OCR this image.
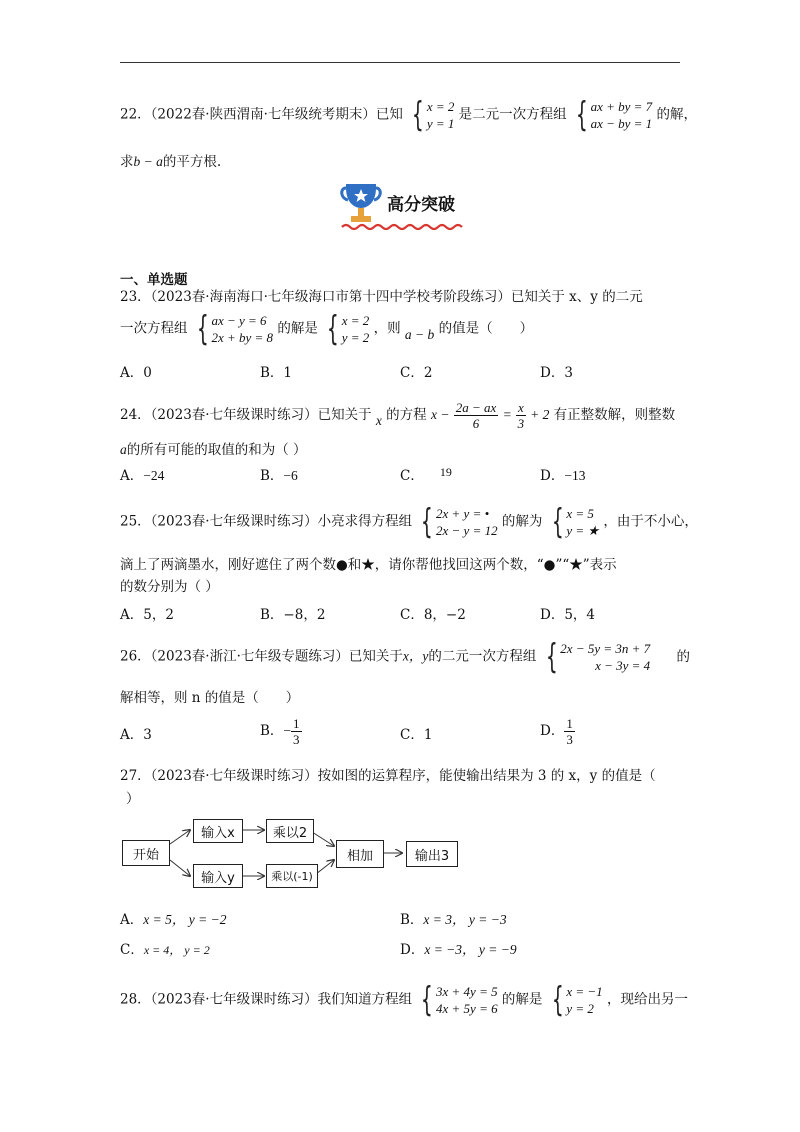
22．（2022春·陕西渭南·七年级统考期末）已知 { x = 2
y = 1
是二元一次方程组 { ax + by = 7
ax − by = 1
的解，
求b − a的平方根.
高分突破
一、单选题
23．（2023春·海南海口·七年级海口市第十四中学校考阶段练习）已知关于 x、y 的二元
一次方程组 { ax − y = 6
2x + by = 8
的解是 { x = 2
y = 2
，则 a − b 的值是（　　）
A．0	B．1	C．2	D．3
24．（2023春·七年级课时练习）已知关于 x 的方程 $x - \frac{2a - ax}{6} = \frac{x}{3} + 2$ 有正整数解，则整数
a的所有可能的取值的和为（ ）
A．−24	B．−6	C． 19	D．−13
25．（2023春·七年级课时练习）小亮求得方程组 { 2x + y = •
2x − y = 12
的解为 { x = 5
y = ★
，由于不小心，
滴上了两滴墨水，刚好遮住了两个数●和★，请你帮他找回这两个数，“●”“★”表示
的数分别为（ ）
A．5，2	B．−8，2	C．8，−2	D．5，4
26．（2023春·浙江·七年级专题练习）已知关于x，y的二元一次方程组 { 2x − 5y = 3n + 7
x − 3y = 4
的
解相等，则 n 的值是（　　）
A．3	B．− $\frac{1}{3}$	C．1	D． $\frac{1}{3}$
27．（2023春·七年级课时练习）按如图的运算程序，能使输出结果为 3 的 x，y 的值是（
）
开始
输入x	乘以2
输入y	乘以(-1)
相加	输出3
A．x = 5， y = −2	B．x = 3， y = −3
C．x = 4， y = 2	D．x = −3， y = −9
28．（2023春·七年级课时练习）我们知道方程组 { 3x + 4y = 5
4x + 5y = 6
的解是 { x = −1
y = 2
，现给出另一
